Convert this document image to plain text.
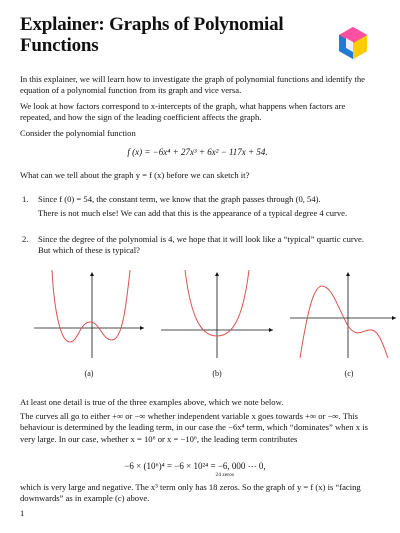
Explainer: Graphs of Polynomial Functions
In this explainer, we will learn how to investigate the graph of polynomial functions and identify the equation of a polynomial function from its graph and vice versa.
We look at how factors correspond to x-intercepts of the graph, what happens when factors are repeated, and how the sign of the leading coefficient affects the graph.
Consider the polynomial function
f (x) = −6x⁴ + 27x³ + 6x² − 117x + 54.
What can we tell about the graph y = f (x) before we can sketch it?
1. Since f (0) = 54, the constant term, we know that the graph passes through (0, 54).
There is not much else! We can add that this is the appearance of a typical degree 4 curve.
2. Since the degree of the polynomial is 4, we hope that it will look like a “typical” quartic curve. But which of these is typical?
(a)	(b)	(c)
At least one detail is true of the three examples above, which we note below.
The curves all go to either +∞ or −∞ whether independent variable x goes towards +∞ or −∞. This behaviour is determined by the leading term, in our case the −6x⁴ term, which “dominates” when x is very large. In our case, whether x = 10⁶ or x = −10⁶, the leading term contributes
−6 × (10⁶)⁴ = −6 × 10²⁴ = −6, 000 ⋯ 0,
24 zeros
which is very large and negative. The x³ term only has 18 zeros. So the graph of y = f (x) is “facing downwards” as in example (c) above.
1
